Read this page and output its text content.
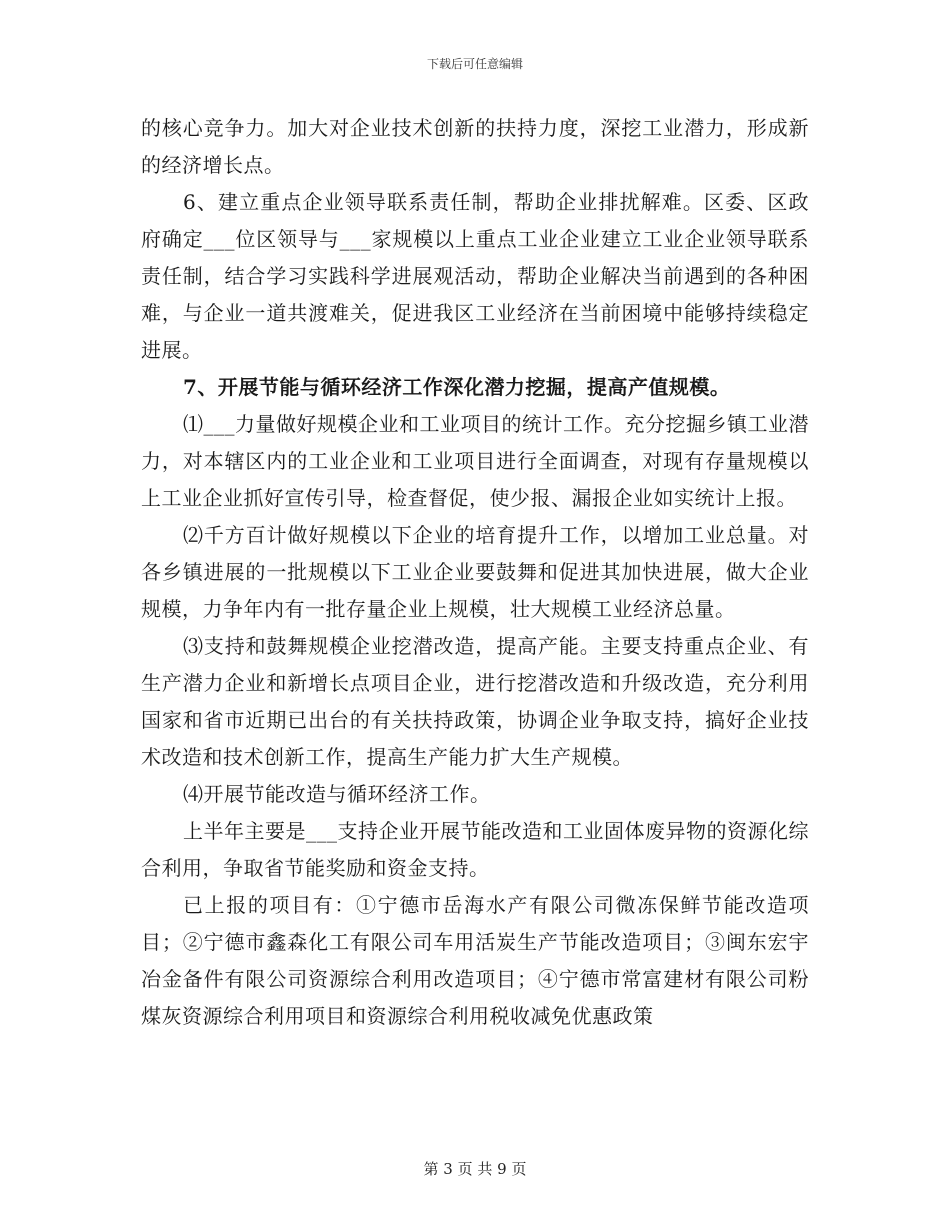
下载后可任意编辑

的核心竞争力。加大对企业技术创新的扶持力度，深挖工业潜力，形成新的经济增长点。

6、建立重点企业领导联系责任制，帮助企业排扰解难。区委、区政府确定___位区领导与___家规模以上重点工业企业建立工业企业领导联系责任制，结合学习实践科学进展观活动，帮助企业解决当前遇到的各种困难，与企业一道共渡难关，促进我区工业经济在当前困境中能够持续稳定进展。

7、开展节能与循环经济工作深化潜力挖掘，提高产值规模。

⑴___力量做好规模企业和工业项目的统计工作。充分挖掘乡镇工业潜力，对本辖区内的工业企业和工业项目进行全面调查，对现有存量规模以上工业企业抓好宣传引导，检查督促，使少报、漏报企业如实统计上报。

⑵千方百计做好规模以下企业的培育提升工作，以增加工业总量。对各乡镇进展的一批规模以下工业企业要鼓舞和促进其加快进展，做大企业规模，力争年内有一批存量企业上规模，壮大规模工业经济总量。

⑶支持和鼓舞规模企业挖潜改造，提高产能。主要支持重点企业、有生产潜力企业和新增长点项目企业，进行挖潜改造和升级改造，充分利用国家和省市近期已出台的有关扶持政策，协调企业争取支持，搞好企业技术改造和技术创新工作，提高生产能力扩大生产规模。

⑷开展节能改造与循环经济工作。

上半年主要是___支持企业开展节能改造和工业固体废异物的资源化综合利用，争取省节能奖励和资金支持。

已上报的项目有：①宁德市岳海水产有限公司微冻保鲜节能改造项目；②宁德市鑫森化工有限公司车用活炭生产节能改造项目；③闽东宏宇冶金备件有限公司资源综合利用改造项目；④宁德市常富建材有限公司粉煤灰资源综合利用项目和资源综合利用税收减免优惠政策

第 3 页 共 9 页
